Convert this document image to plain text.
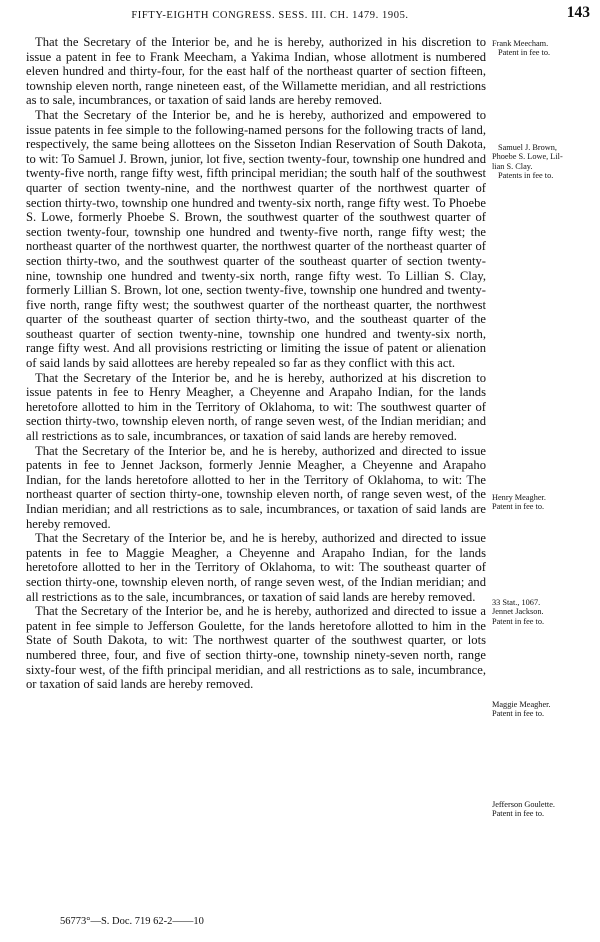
FIFTY-EIGHTH CONGRESS. SESS. III. CH. 1479. 1905.	143

That the Secretary of the Interior be, and he is hereby, authorized in his discretion to issue a patent in fee to Frank Meecham, a Yakima Indian, whose allotment is numbered eleven hundred and thirty-four, for the east half of the northeast quarter of section fifteen, township eleven north, range nineteen east, of the Willamette meridian, and all restrictions as to sale, incumbrances, or taxation of said lands are hereby removed.

That the Secretary of the Interior be, and he is hereby, authorized and empowered to issue patents in fee simple to the following-named persons for the following tracts of land, respectively, the same being allottees on the Sisseton Indian Reservation of South Dakota, to wit: To Samuel J. Brown, junior, lot five, section twenty-four, township one hundred and twenty-five north, range fifty west, fifth principal meridian; the south half of the southwest quarter of section twenty-nine, and the northwest quarter of the northwest quarter of section thirty-two, township one hundred and twenty-six north, range fifty west. To Phoebe S. Lowe, formerly Phoebe S. Brown, the southwest quarter of the southwest quarter of section twenty-four, township one hundred and twenty-five north, range fifty west; the northeast quarter of the northwest quarter, the northwest quarter of the northeast quarter of section thirty-two, and the southwest quarter of the southeast quarter of section twenty-nine, township one hundred and twenty-six north, range fifty west. To Lillian S. Clay, formerly Lillian S. Brown, lot one, section twenty-five, township one hundred and twenty-five north, range fifty west; the southwest quarter of the northeast quarter, the northwest quarter of the southeast quarter of section thirty-two, and the southeast quarter of the southeast quarter of section twenty-nine, township one hundred and twenty-six north, range fifty west. And all provisions restricting or limiting the issue of patent or alienation of said lands by said allottees are hereby repealed so far as they conflict with this act.

That the Secretary of the Interior be, and he is hereby, authorized at his discretion to issue patents in fee to Henry Meagher, a Cheyenne and Arapaho Indian, for the lands heretofore allotted to him in the Territory of Oklahoma, to wit: The southwest quarter of section thirty-two, township eleven north, of range seven west, of the Indian meridian; and all restrictions as to sale, incumbrances, or taxation of said lands are hereby removed.

That the Secretary of the Interior be, and he is hereby, authorized and directed to issue patents in fee to Jennet Jackson, formerly Jennie Meagher, a Cheyenne and Arapaho Indian, for the lands heretofore allotted to her in the Territory of Oklahoma, to wit: The northeast quarter of section thirty-one, township eleven north, of range seven west, of the Indian meridian; and all restrictions as to sale, incumbrances, or taxation of said lands are hereby removed.

That the Secretary of the Interior be, and he is hereby, authorized and directed to issue patents in fee to Maggie Meagher, a Cheyenne and Arapaho Indian, for the lands heretofore allotted to her in the Territory of Oklahoma, to wit: The southeast quarter of section thirty-one, township eleven north, of range seven west, of the Indian meridian; and all restrictions as to the sale, incumbrances, or taxation of said lands are hereby removed.

That the Secretary of the Interior be, and he is hereby, authorized and directed to issue a patent in fee simple to Jefferson Goulette, for the lands heretofore allotted to him in the State of South Dakota, to wit: The northwest quarter of the southwest quarter, or lots numbered three, four, and five of section thirty-one, township ninety-seven north, range sixty-four west, of the fifth principal meridian, and all restrictions as to sale, incumbrance, or taxation of said lands are hereby removed.

Frank Meecham.
Patent in fee to.
Samuel J. Brown,
Phoebe S. Lowe, Lil-
lian S. Clay.
Patents in fee to.
Henry Meagher.
Patent in fee to.
33 Stat., 1067.
Jennet Jackson.
Patent in fee to.
Maggie Meagher.
Patent in fee to.
Jefferson Goulette.
Patent in fee to.
56773°—S. Doc. 719 62-2——10
